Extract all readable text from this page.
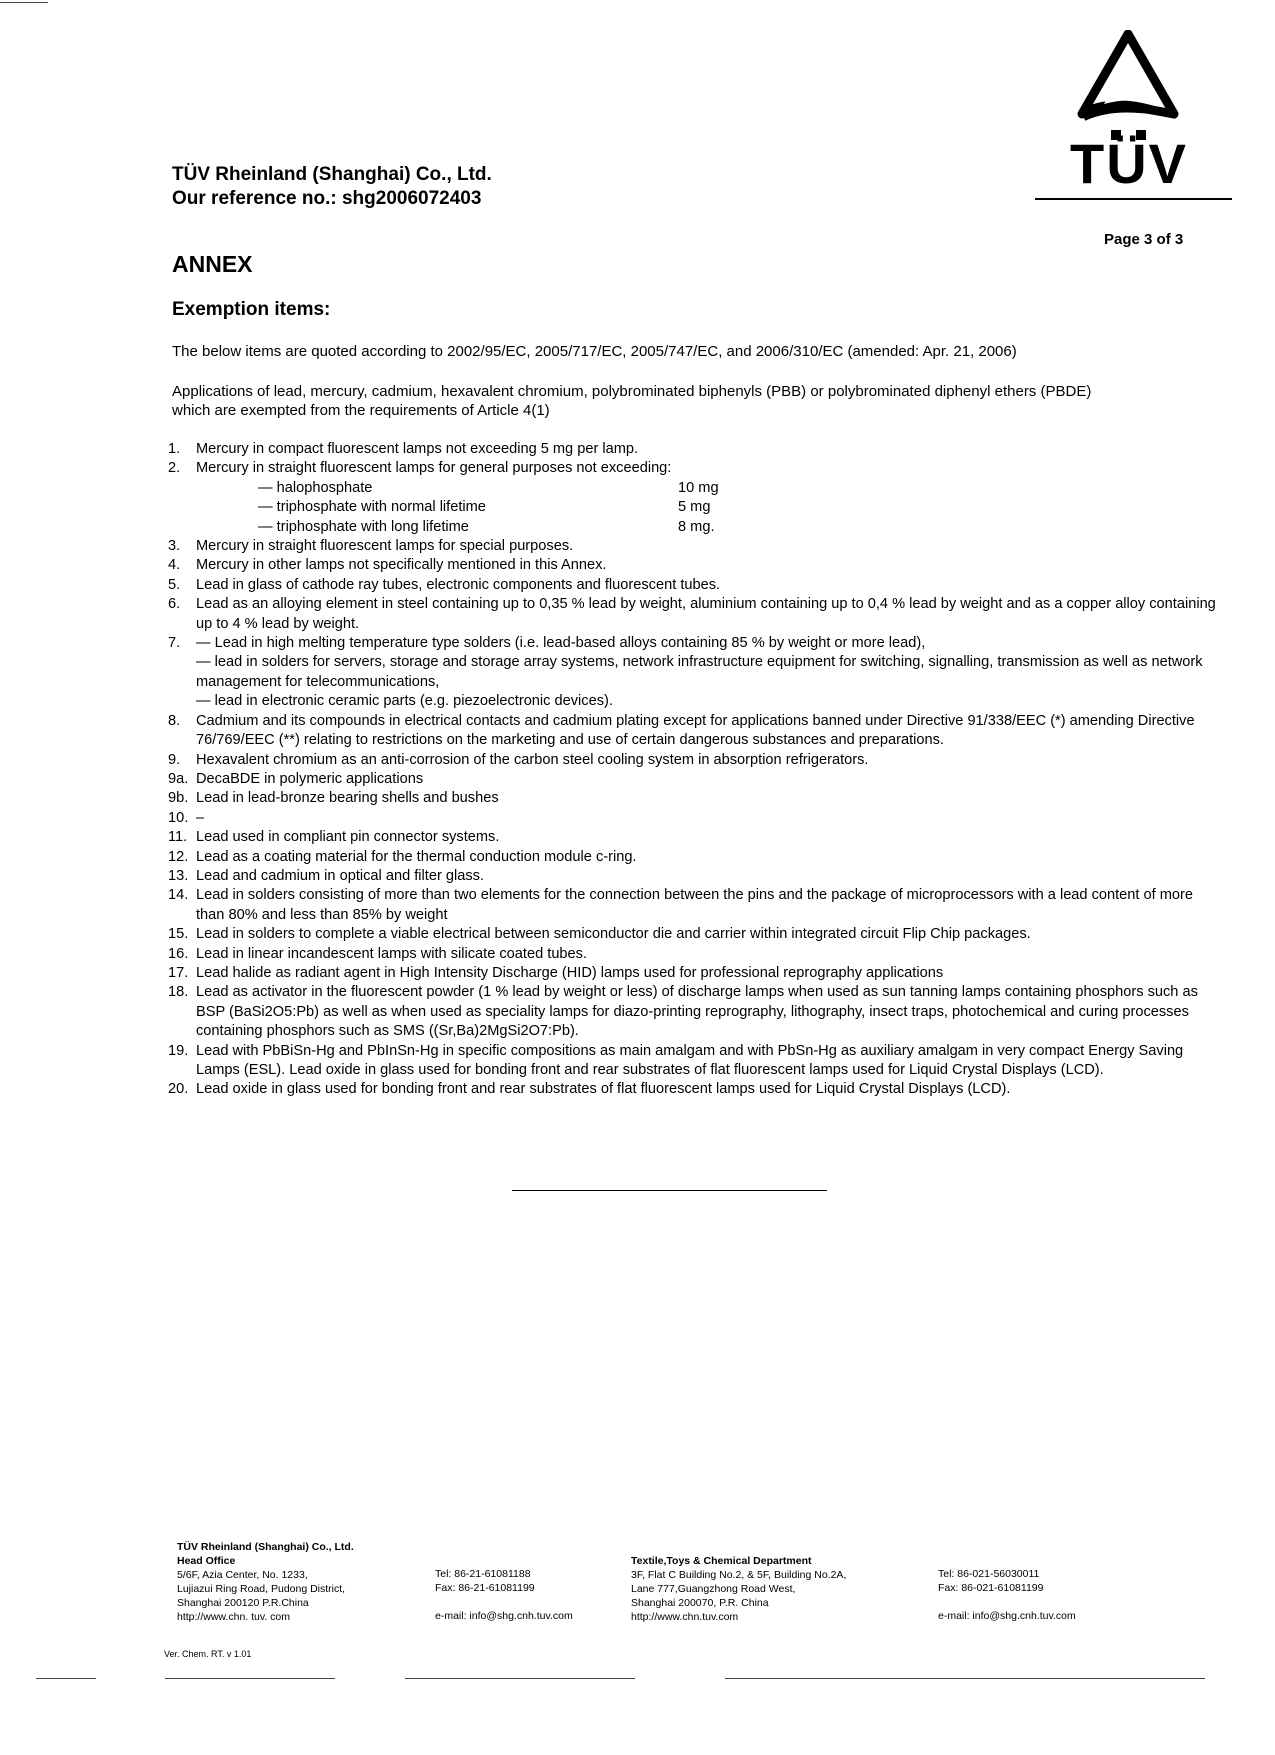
TÜV Rheinland (Shanghai) Co., Ltd.
Our reference no.: shg2006072403
TÜV
Page 3 of 3
ANNEX
Exemption items:
The below items are quoted according to 2002/95/EC, 2005/717/EC, 2005/747/EC, and 2006/310/EC (amended: Apr. 21, 2006)
Applications of lead, mercury, cadmium, hexavalent chromium, polybrominated biphenyls (PBB) or polybrominated diphenyl ethers (PBDE) which are exempted from the requirements of Article 4(1)
1.	Mercury in compact fluorescent lamps not exceeding 5 mg per lamp.
2.	Mercury in straight fluorescent lamps for general purposes not exceeding:
— halophosphate	10 mg
— triphosphate with normal lifetime	5 mg
— triphosphate with long lifetime	8 mg.
3.	Mercury in straight fluorescent lamps for special purposes.
4.	Mercury in other lamps not specifically mentioned in this Annex.
5.	Lead in glass of cathode ray tubes, electronic components and fluorescent tubes.
6.	Lead as an alloying element in steel containing up to 0,35 % lead by weight, aluminium containing up to 0,4 % lead by weight and as a copper alloy containing up to 4 % lead by weight.
7.	— Lead in high melting temperature type solders (i.e. lead-based alloys containing 85 % by weight or more lead),
— lead in solders for servers, storage and storage array systems, network infrastructure equipment for switching, signalling, transmission as well as network management for telecommunications,
— lead in electronic ceramic parts (e.g. piezoelectronic devices).
8.	Cadmium and its compounds in electrical contacts and cadmium plating except for applications banned under Directive 91/338/EEC (*) amending Directive 76/769/EEC (**) relating to restrictions on the marketing and use of certain dangerous substances and preparations.
9.	Hexavalent chromium as an anti-corrosion of the carbon steel cooling system in absorption refrigerators.
9a. DecaBDE in polymeric applications
9b. Lead in lead-bronze bearing shells and bushes
10. –
11. Lead used in compliant pin connector systems.
12. Lead as a coating material for the thermal conduction module c-ring.
13. Lead and cadmium in optical and filter glass.
14. Lead in solders consisting of more than two elements for the connection between the pins and the package of microprocessors with a lead content of more than 80% and less than 85% by weight
15. Lead in solders to complete a viable electrical between semiconductor die and carrier within integrated circuit Flip Chip packages.
16. Lead in linear incandescent lamps with silicate coated tubes.
17. Lead halide as radiant agent in High Intensity Discharge (HID) lamps used for professional reprography applications
18. Lead as activator in the fluorescent powder (1 % lead by weight or less) of discharge lamps when used as sun tanning lamps containing phosphors such as BSP (BaSi2O5:Pb) as well as when used as speciality lamps for diazo-printing reprography, lithography, insect traps, photochemical and curing processes containing phosphors such as SMS ((Sr,Ba)2MgSi2O7:Pb).
19. Lead with PbBiSn-Hg and PbInSn-Hg in specific compositions as main amalgam and with PbSn-Hg as auxiliary amalgam in very compact Energy Saving Lamps (ESL). Lead oxide in glass used for bonding front and rear substrates of flat fluorescent lamps used for Liquid Crystal Displays (LCD).
20. Lead oxide in glass used for bonding front and rear substrates of flat fluorescent lamps used for Liquid Crystal Displays (LCD).
TÜV Rheinland (Shanghai) Co., Ltd.
Head Office
5/6F, Azia Center, No. 1233,
Lujiazui Ring Road, Pudong District,
Shanghai 200120 P.R.China
http://www.chn. tuv. com
Tel: 86-21-61081188
Fax: 86-21-61081199
e-mail: info@shg.cnh.tuv.com
Textile,Toys & Chemical Department
3F, Flat C Building No.2, & 5F, Building No.2A,
Lane 777,Guangzhong Road West,
Shanghai 200070, P.R. China
http://www.chn.tuv.com
Tel: 86-021-56030011
Fax: 86-021-61081199
e-mail: info@shg.cnh.tuv.com
Ver. Chem. RT. v 1.01
